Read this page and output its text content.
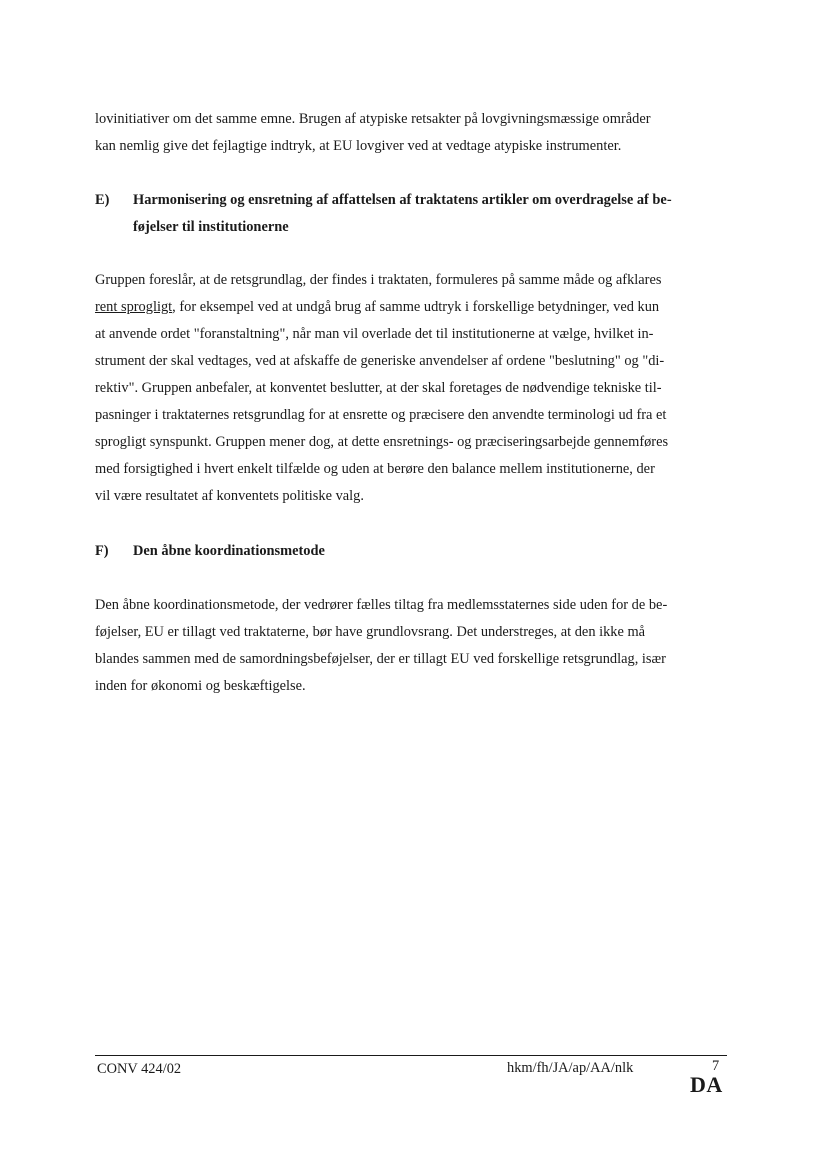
lovinitiativer om det samme emne. Brugen af atypiske retsakter på lovgivningsmæssige områder
kan nemlig give det fejlagtige indtryk, at EU lovgiver ved at vedtage atypiske instrumenter.
E) Harmonisering og ensretning af affattelsen af traktatens artikler om overdragelse af be-
føjelser til institutionerne
Gruppen foreslår, at de retsgrundlag, der findes i traktaten, formuleres på samme måde og afklares
rent sprogligt, for eksempel ved at undgå brug af samme udtryk i forskellige betydninger, ved kun
at anvende ordet "foranstaltning", når man vil overlade det til institutionerne at vælge, hvilket in-
strument der skal vedtages, ved at afskaffe de generiske anvendelser af ordene "beslutning" og "di-
rektiv". Gruppen anbefaler, at konventet beslutter, at der skal foretages de nødvendige tekniske til-
pasninger i traktaternes retsgrundlag for at ensrette og præcisere den anvendte terminologi ud fra et
sprogligt synspunkt. Gruppen mener dog, at dette ensretnings- og præciseringsarbejde gennemføres
med forsigtighed i hvert enkelt tilfælde og uden at berøre den balance mellem institutionerne, der
vil være resultatet af konventets politiske valg.
F) Den åbne koordinationsmetode
Den åbne koordinationsmetode, der vedrører fælles tiltag fra medlemsstaternes side uden for de be-
føjelser, EU er tillagt ved traktaterne, bør have grundlovsrang. Det understreges, at den ikke må
blandes sammen med de samordningsbeføjelser, der er tillagt EU ved forskellige retsgrundlag, især
inden for økonomi og beskæftigelse.
CONV 424/02	hkm/fh/JA/ap/AA/nlk	7
DA
